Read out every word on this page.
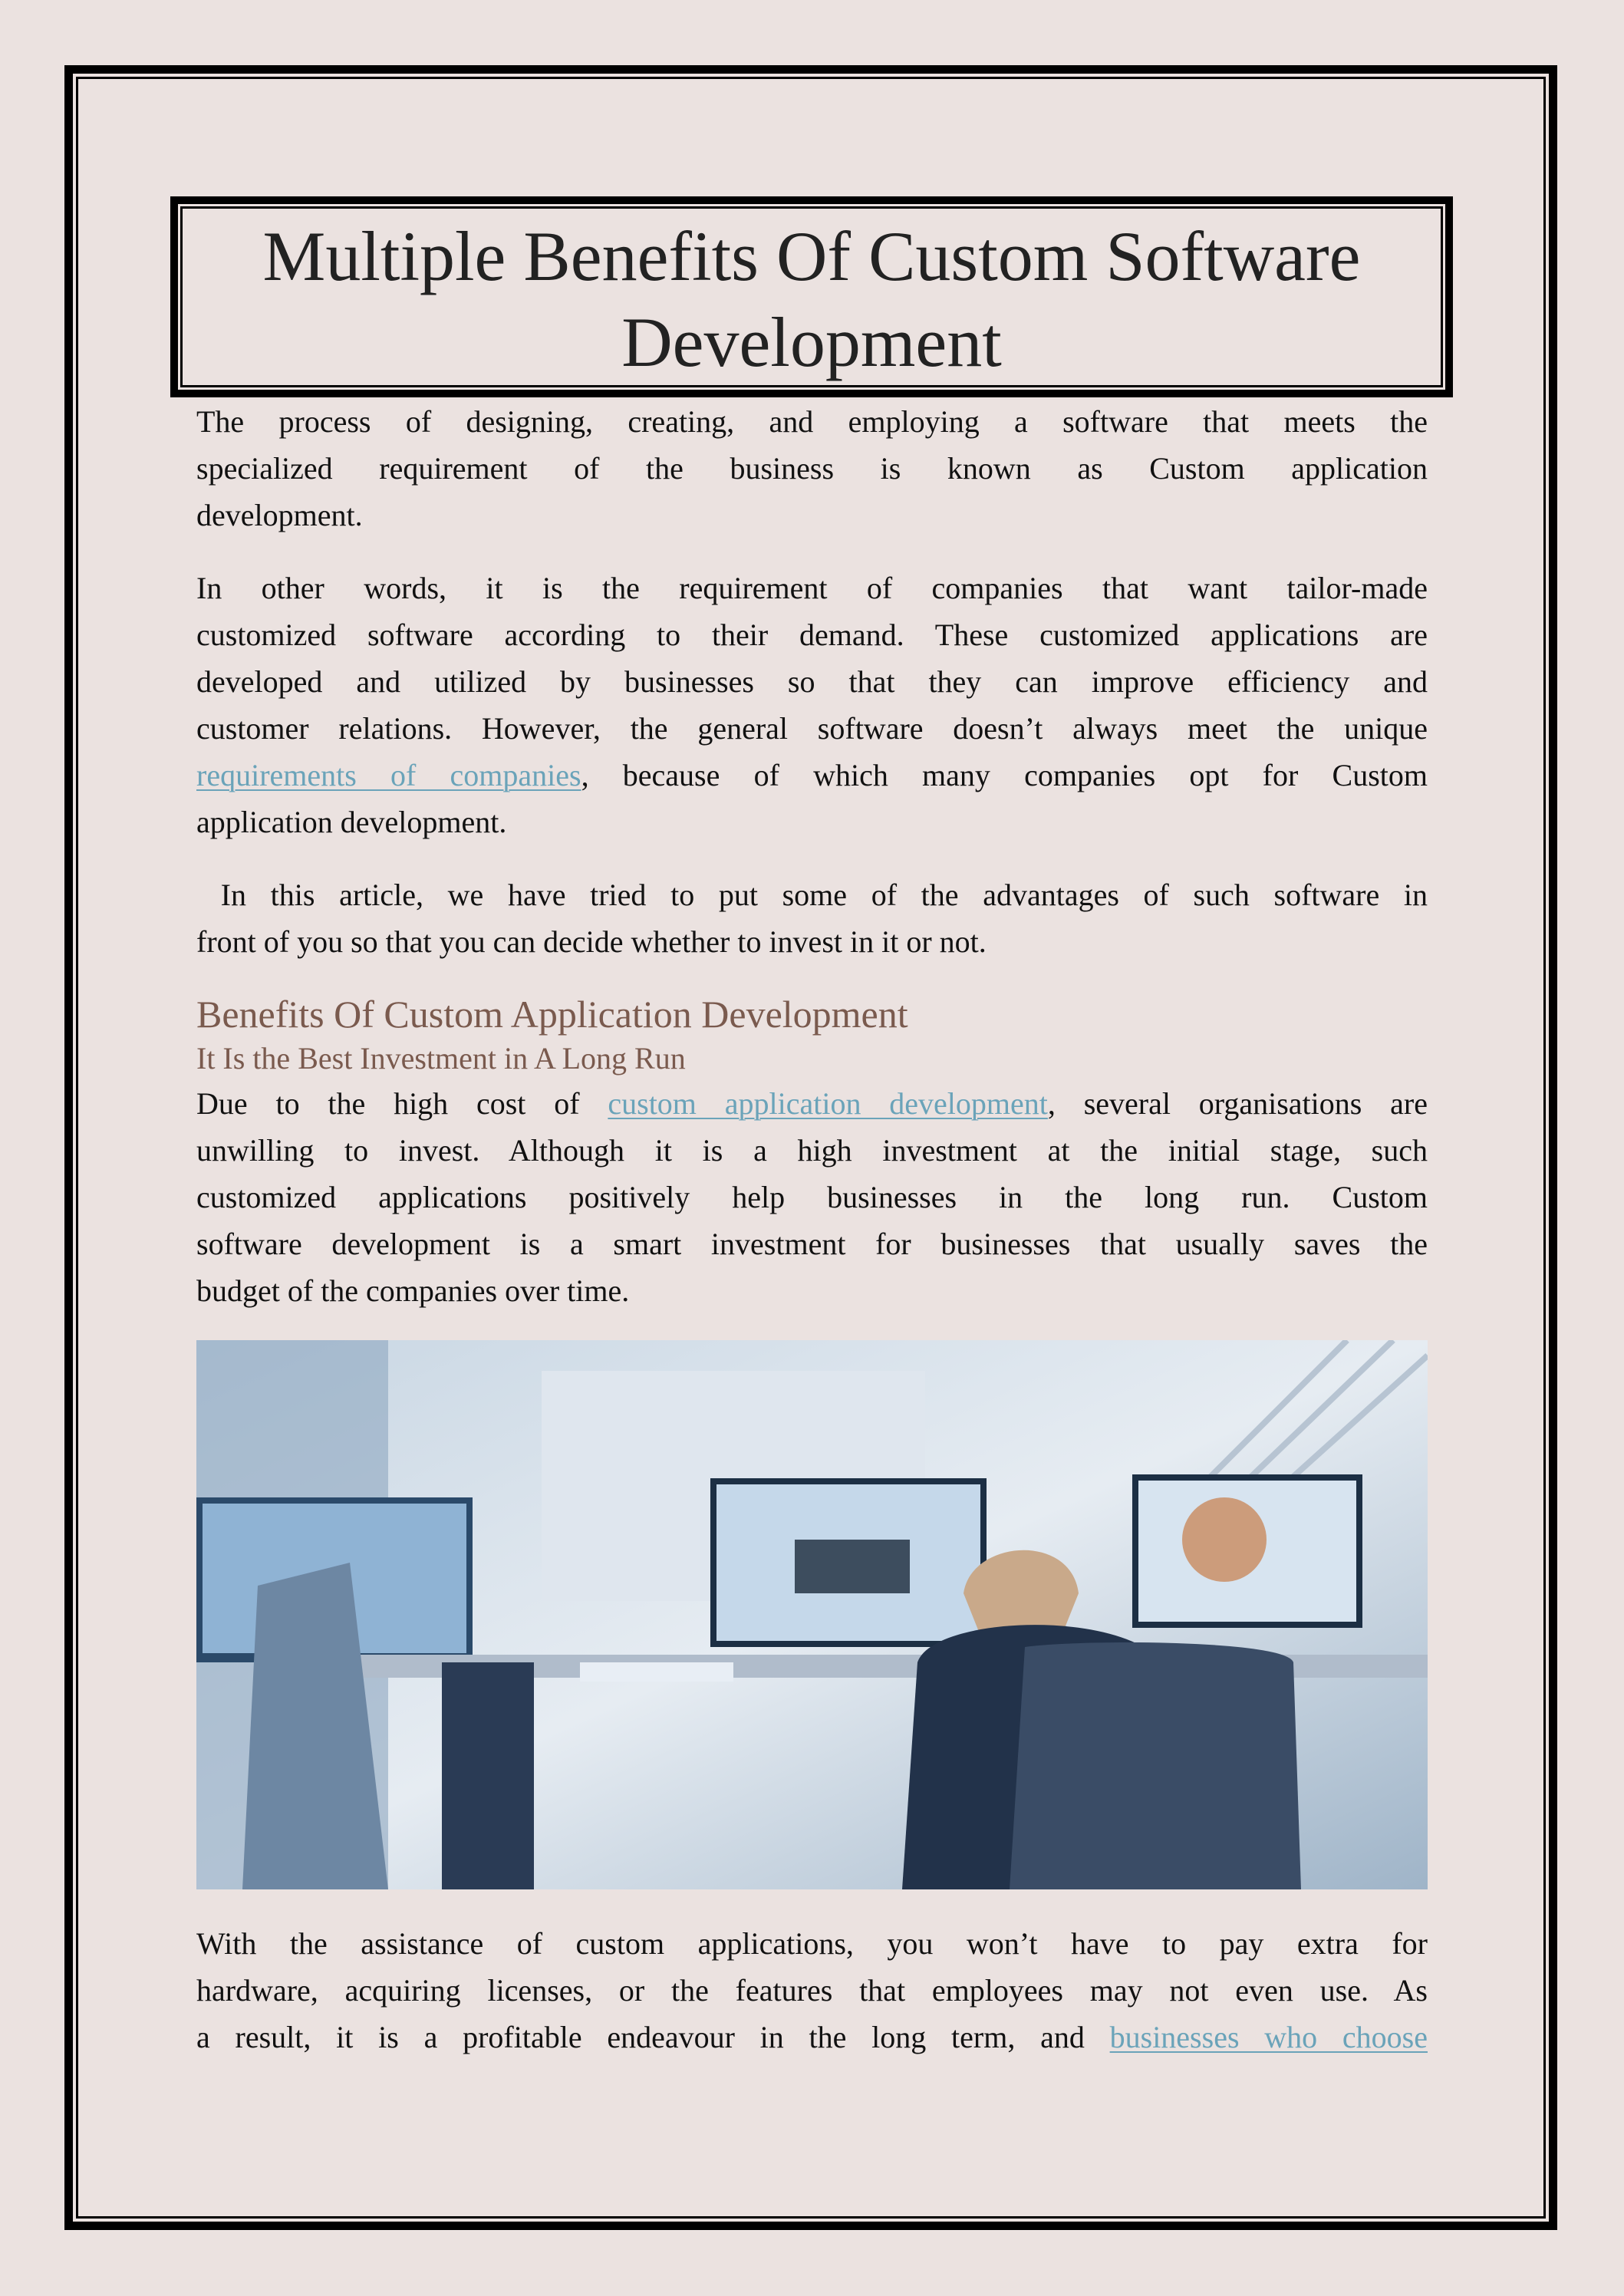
Multiple Benefits Of Custom Software
Development
The process of designing, creating, and employing a software that meets the
specialized requirement of the business is known as Custom application
development.
In other words, it is the requirement of companies that want tailor-made
customized software according to their demand. These customized applications are
developed and utilized by businesses so that they can improve efficiency and
customer relations. However, the general software doesn’t always meet the unique
requirements of companies, because of which many companies opt for Custom
application development.
In this article, we have tried to put some of the advantages of such software in
front of you so that you can decide whether to invest in it or not.
Benefits Of Custom Application Development
It Is the Best Investment in A Long Run
Due to the high cost of custom application development, several organisations are
unwilling to invest. Although it is a high investment at the initial stage, such
customized applications positively help businesses in the long run. Custom
software development is a smart investment for businesses that usually saves the
budget of the companies over time.
With the assistance of custom applications, you won’t have to pay extra for
hardware, acquiring licenses, or the features that employees may not even use. As
a result, it is a profitable endeavour in the long term, and businesses who choose
